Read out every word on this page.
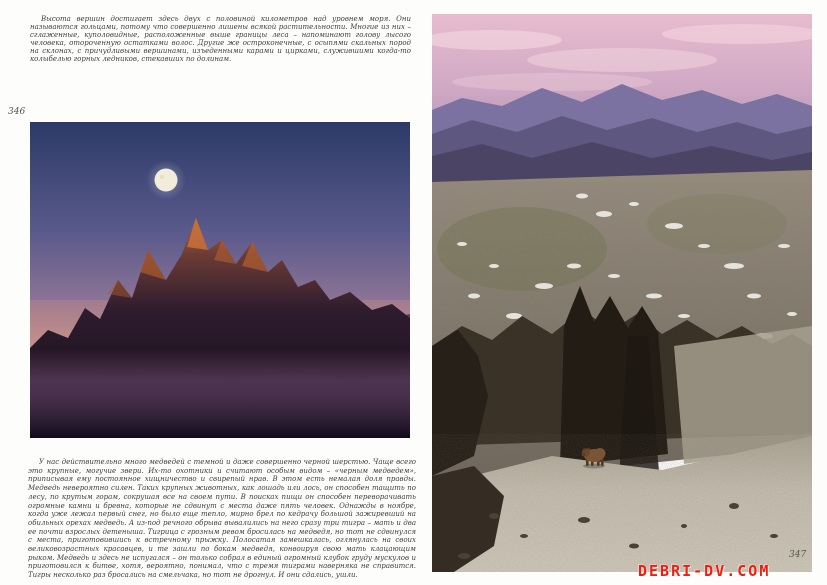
Высота вершин достигает здесь двух с половиной километров над уровнем моря. Они называются гольцами, потому что совершенно лишены всякой растительности. Многие из них – сглаженные, куполовидные, расположенные выше границы леса – напоминают голову лысого человека, отороченную остатками волос. Другие же остроконечные, с осыпями скальных пород на склонах, с причудливыми вершинами, изъеденными карами и цирками, служившими когда-то колыбелью горных ледников, стекавших по долинам.

346

У нас действительно много медведей с темной и даже совершенно черной шерстью. Чаще всего это крупные, могучие звери. Их-то охотники и считают особым видом – «черным медведем», приписывая ему постоянное хищничество и свирепый нрав. В этом есть немалая доля правды. Медведь невероятно силен. Таких крупных животных, как лошадь или лось, он способен тащить по лесу, по крутым горам, сокрушая все на своем пути. В поисках пищи он способен переворачивать огромные камни и бревна, которые не сдвинут с места даже пять человек. Однажды в ноябре, когда уже лежал первый снег, но было еще тепло, мирно брел по кедрачу большой зажиревший на обильных орехах медведь. А из-под речного обрыва вывалились на него сразу три тигра – мать и два ее почти взрослых детеныша. Тигрица с грозным ревом бросилась на медведя, но тот не сдвинулся с места, приготовившись к встречному прыжку. Полосатая замешкалась, оглянулась на своих великовозрастных красавцев, и те зашли по бокам медведя, конвоируя свою мать клацающим рыком. Медведь и здесь не испугался – он только собрал в единый огромный клубок груду мускулов и приготовился к битве, хотя, вероятно, понимал, что с тремя тиграми наверняка не справится. Тигры несколько раз бросались на смельчака, но тот не дрогнул. И они сдались, ушли.

347
DEBRI-DV.COM
